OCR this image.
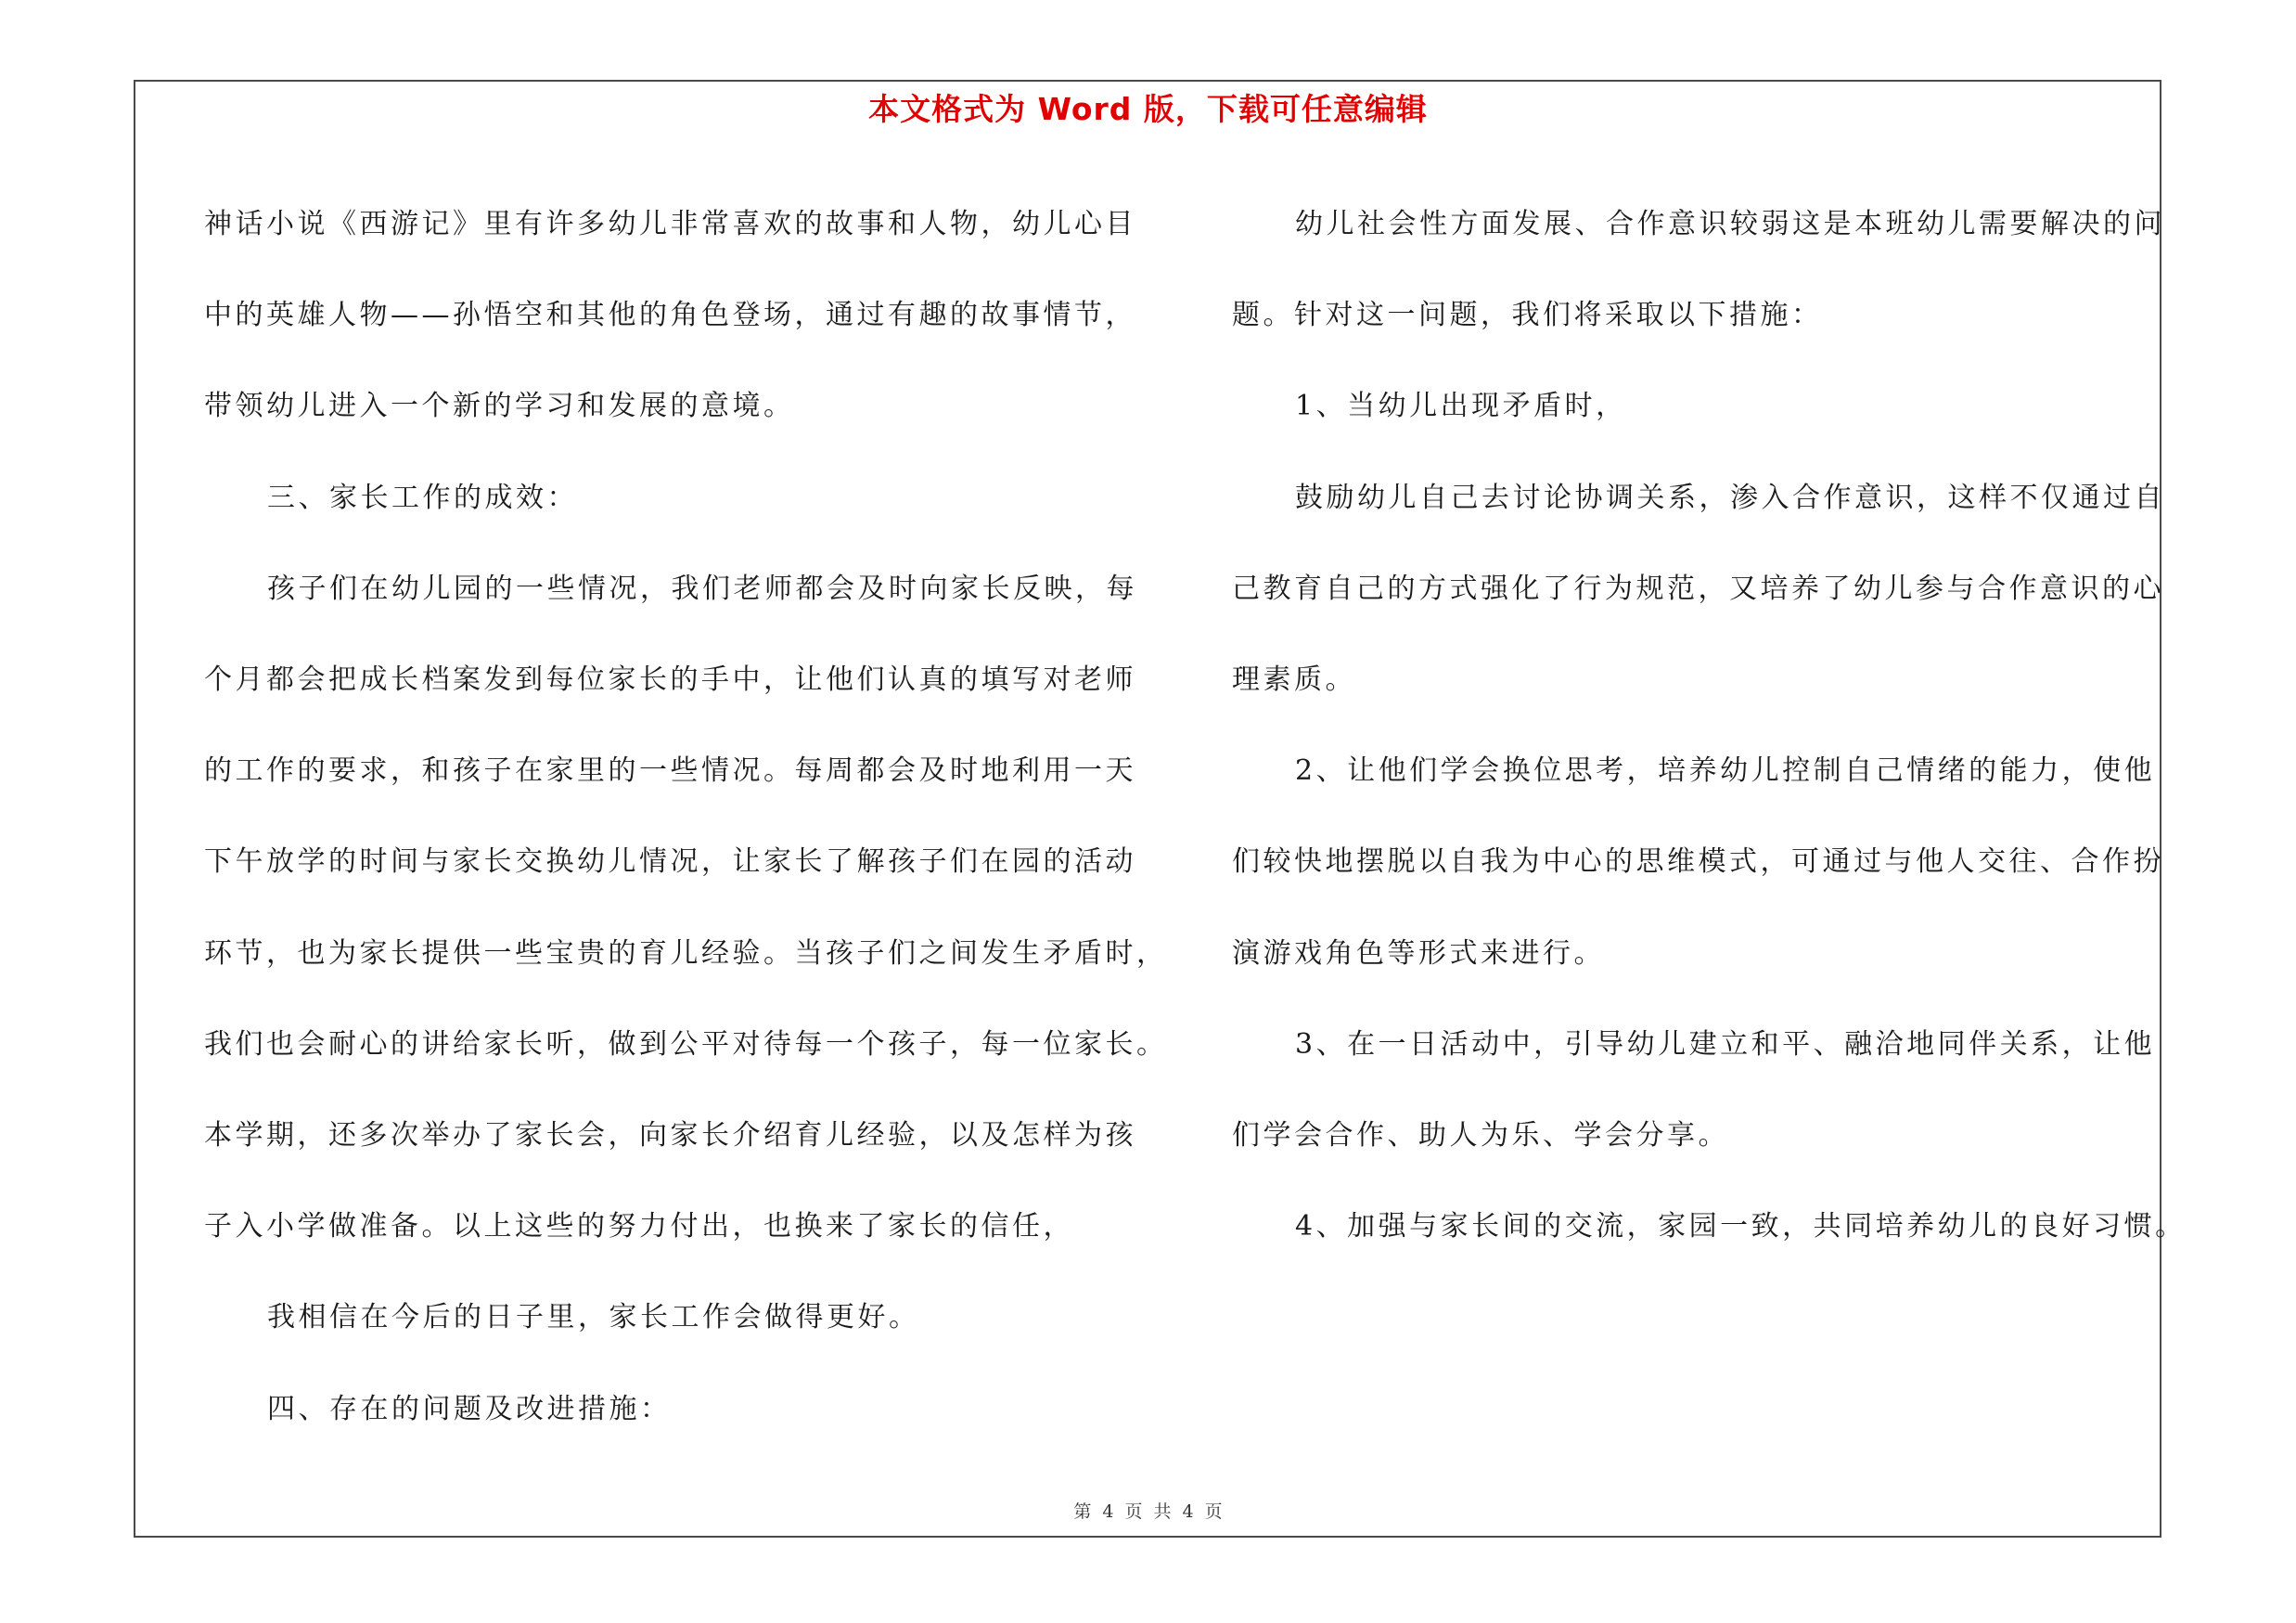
本文格式为 Word 版，下载可任意编辑

神话小说《西游记》里有许多幼儿非常喜欢的故事和人物，幼儿心目

中的英雄人物——孙悟空和其他的角色登场，通过有趣的故事情节，

带领幼儿进入一个新的学习和发展的意境。

三、家长工作的成效：

孩子们在幼儿园的一些情况，我们老师都会及时向家长反映，每

个月都会把成长档案发到每位家长的手中，让他们认真的填写对老师

的工作的要求，和孩子在家里的一些情况。每周都会及时地利用一天

下午放学的时间与家长交换幼儿情况，让家长了解孩子们在园的活动

环节，也为家长提供一些宝贵的育儿经验。当孩子们之间发生矛盾时，

我们也会耐心的讲给家长听，做到公平对待每一个孩子，每一位家长。

本学期，还多次举办了家长会，向家长介绍育儿经验，以及怎样为孩

子入小学做准备。以上这些的努力付出，也换来了家长的信任，

我相信在今后的日子里，家长工作会做得更好。

四、存在的问题及改进措施：

幼儿社会性方面发展、合作意识较弱这是本班幼儿需要解决的问

题。针对这一问题，我们将采取以下措施：

1、当幼儿出现矛盾时，

鼓励幼儿自己去讨论协调关系，渗入合作意识，这样不仅通过自

己教育自己的方式强化了行为规范，又培养了幼儿参与合作意识的心

理素质。

2、让他们学会换位思考，培养幼儿控制自己情绪的能力，使他

们较快地摆脱以自我为中心的思维模式，可通过与他人交往、合作扮

演游戏角色等形式来进行。

3、在一日活动中，引导幼儿建立和平、融洽地同伴关系，让他

们学会合作、助人为乐、学会分享。

4、加强与家长间的交流，家园一致，共同培养幼儿的良好习惯。

第 4 页 共 4 页
